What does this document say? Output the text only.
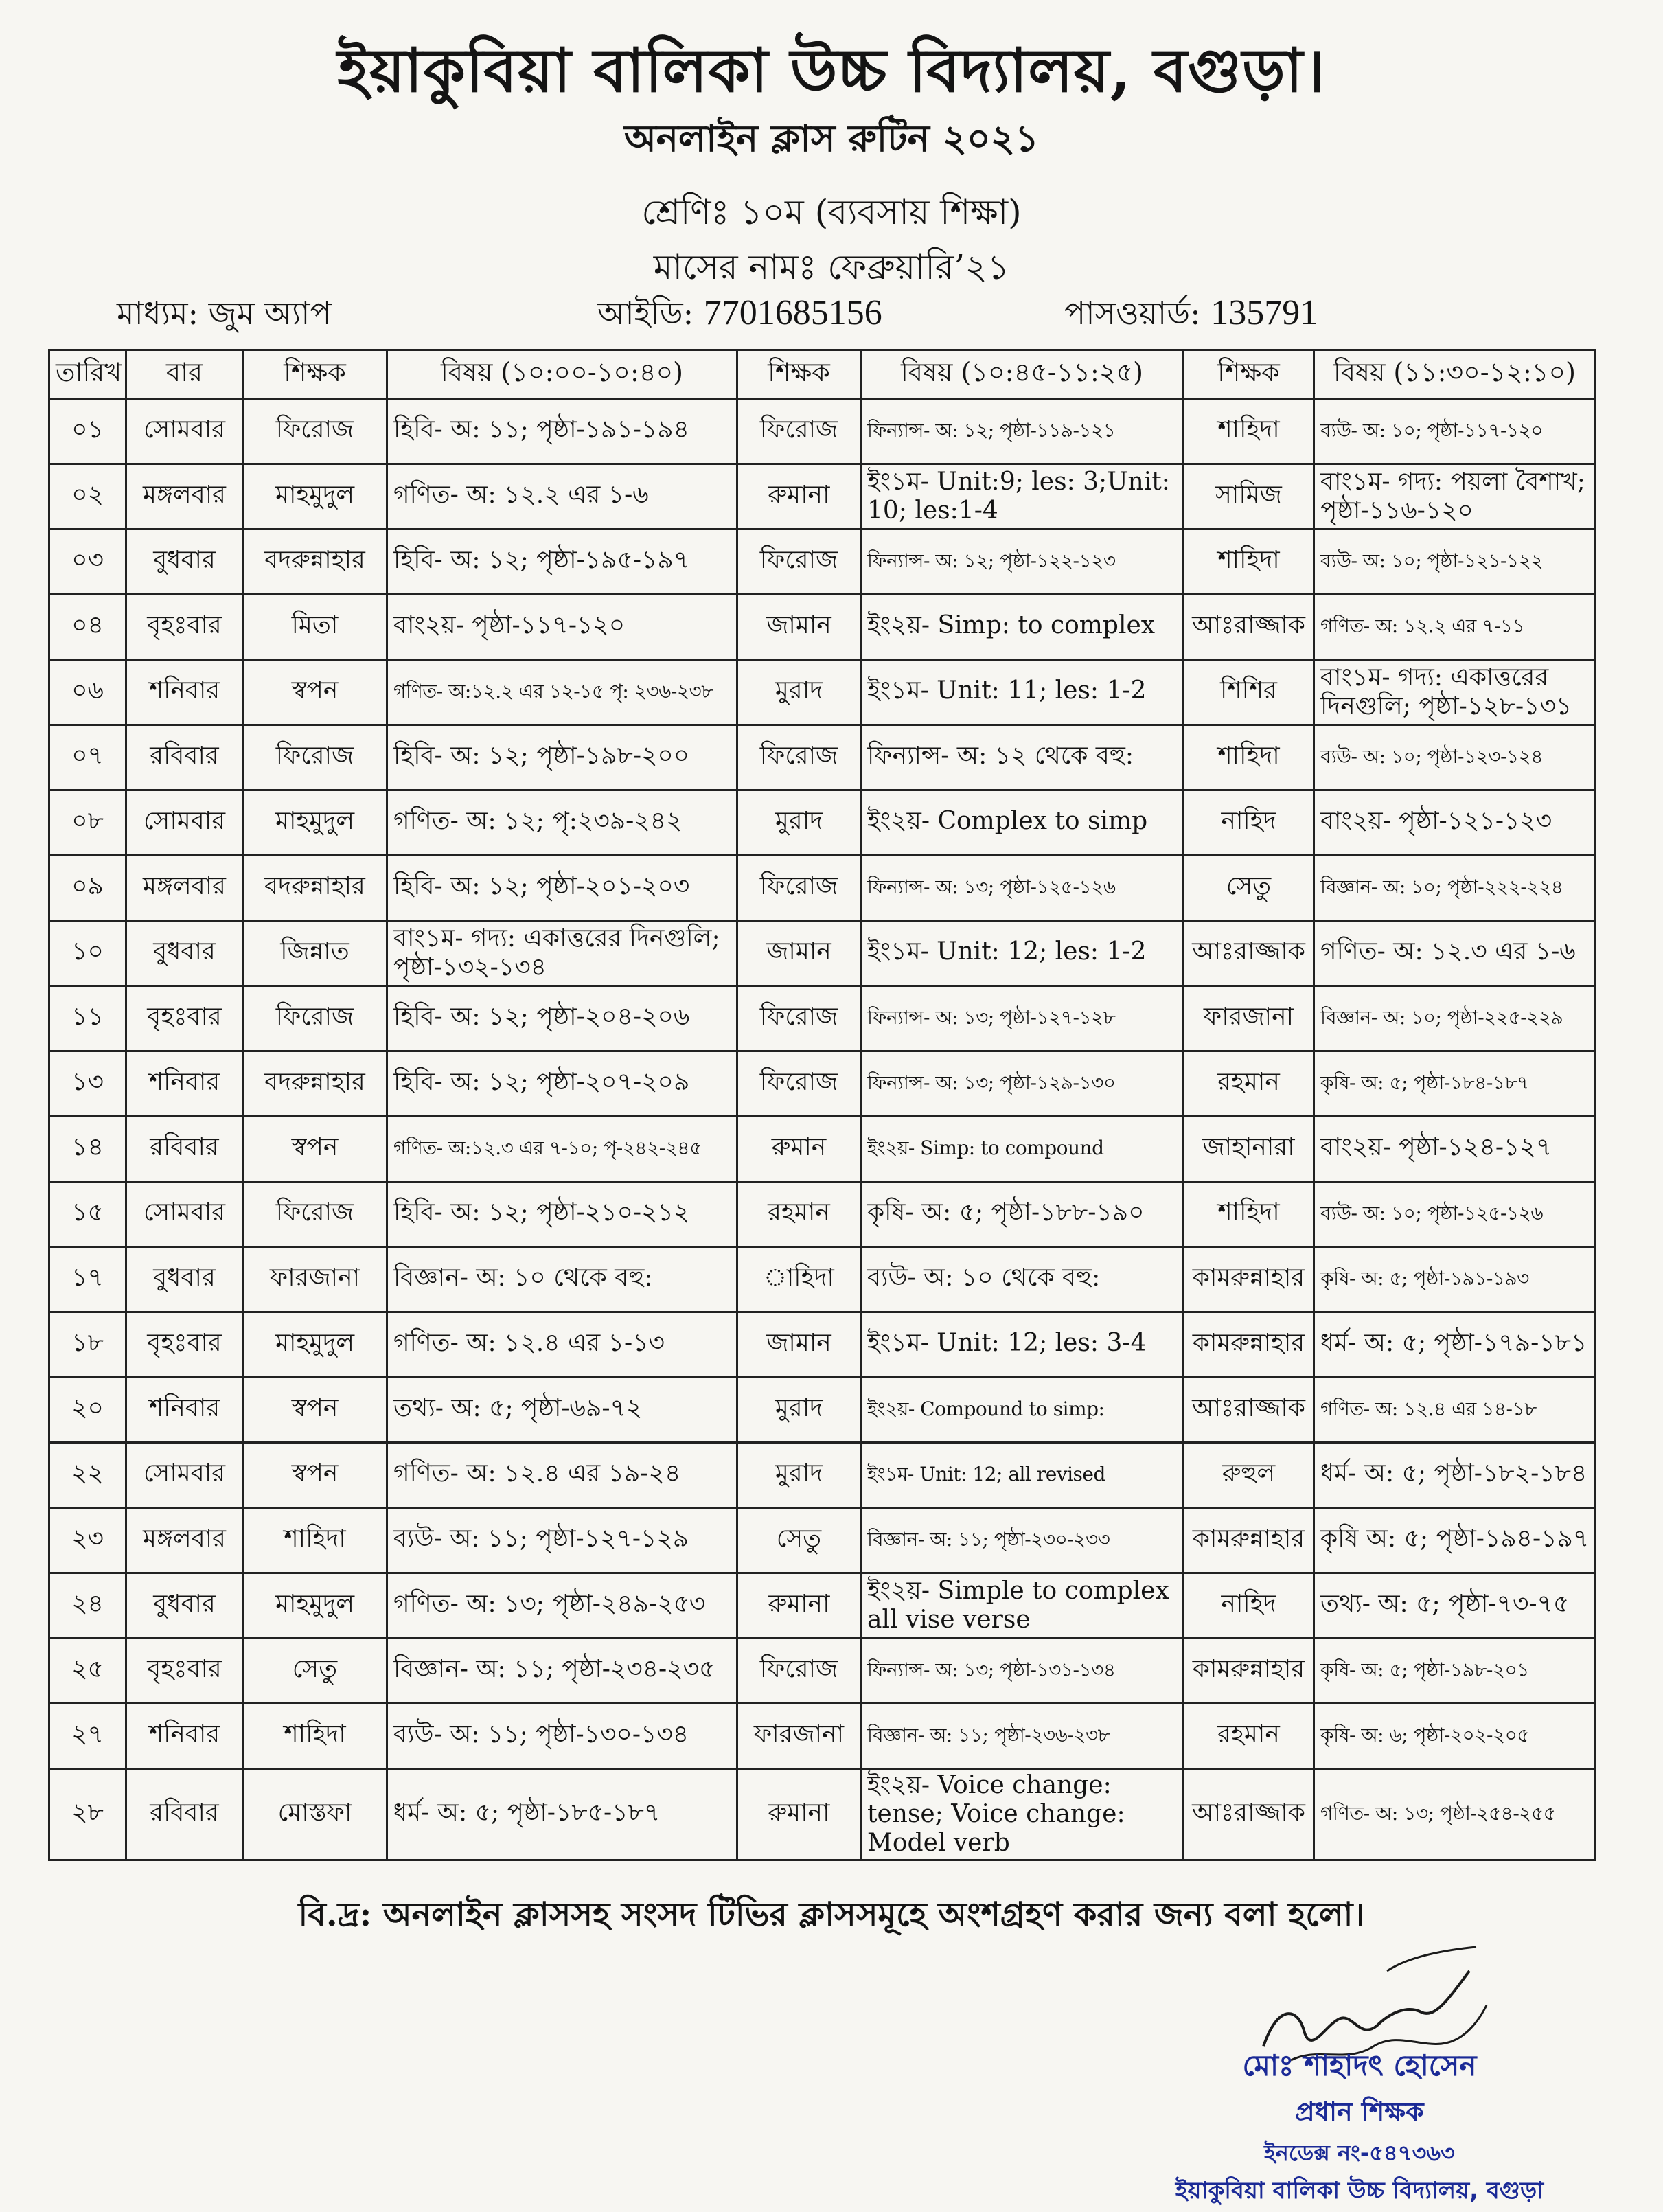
ইয়াকুবিয়া বালিকা উচ্চ বিদ্যালয়, বগুড়া।
অনলাইন ক্লাস রুটিন ২০২১
শ্রেণিঃ ১০ম (ব্যবসায় শিক্ষা)
মাসের নামঃ ফেব্রুয়ারি’২১
মাধ্যম: জুম অ্যাপ	আইডি: 7701685156	পাসওয়ার্ড: 135791
তারিখ	বার	শিক্ষক	বিষয় (১০:০০-১০:৪০)	শিক্ষক	বিষয় (১০:৪৫-১১:২৫)	শিক্ষক	বিষয় (১১:৩০-১২:১০)
০১	সোমবার	ফিরোজ	হিবি- অ: ১১; পৃষ্ঠা-১৯১-১৯৪	ফিরোজ	ফিন্যান্স- অ: ১২; পৃষ্ঠা-১১৯-১২১	শাহিদা	ব্যউ- অ: ১০; পৃষ্ঠা-১১৭-১২০
০২	মঙ্গলবার	মাহমুদুল	গণিত- অ: ১২.২ এর ১-৬	রুমানা	ইং১ম- Unit:9; les: 3;Unit: 10; les:1-4	সামিজ	বাং১ম- গদ্য: পয়লা বৈশাখ; পৃষ্ঠা-১১৬-১২০
০৩	বুধবার	বদরুন্নাহার	হিবি- অ: ১২; পৃষ্ঠা-১৯৫-১৯৭	ফিরোজ	ফিন্যান্স- অ: ১২; পৃষ্ঠা-১২২-১২৩	শাহিদা	ব্যউ- অ: ১০; পৃষ্ঠা-১২১-১২২
০৪	বৃহঃবার	মিতা	বাং২য়- পৃষ্ঠা-১১৭-১২০	জামান	ইং২য়- Simp: to complex	আঃরাজ্জাক	গণিত- অ: ১২.২ এর ৭-১১
০৬	শনিবার	স্বপন	গণিত- অ:১২.২ এর ১২-১৫ পৃ: ২৩৬-২৩৮	মুরাদ	ইং১ম- Unit: 11; les: 1-2	শিশির	বাং১ম- গদ্য: একাত্তরের দিনগুলি; পৃষ্ঠা-১২৮-১৩১
০৭	রবিবার	ফিরোজ	হিবি- অ: ১২; পৃষ্ঠা-১৯৮-২০০	ফিরোজ	ফিন্যান্স- অ: ১২ থেকে বহু:	শাহিদা	ব্যউ- অ: ১০; পৃষ্ঠা-১২৩-১২৪
০৮	সোমবার	মাহমুদুল	গণিত- অ: ১২; পৃ:২৩৯-২৪২	মুরাদ	ইং২য়- Complex to simp	নাহিদ	বাং২য়- পৃষ্ঠা-১২১-১২৩
০৯	মঙ্গলবার	বদরুন্নাহার	হিবি- অ: ১২; পৃষ্ঠা-২০১-২০৩	ফিরোজ	ফিন্যান্স- অ: ১৩; পৃষ্ঠা-১২৫-১২৬	সেতু	বিজ্ঞান- অ: ১০; পৃষ্ঠা-২২২-২২৪
১০	বুধবার	জিন্নাত	বাং১ম- গদ্য: একাত্তরের দিনগুলি; পৃষ্ঠা-১৩২-১৩৪	জামান	ইং১ম- Unit: 12; les: 1-2	আঃরাজ্জাক	গণিত- অ: ১২.৩ এর ১-৬
১১	বৃহঃবার	ফিরোজ	হিবি- অ: ১২; পৃষ্ঠা-২০৪-২০৬	ফিরোজ	ফিন্যান্স- অ: ১৩; পৃষ্ঠা-১২৭-১২৮	ফারজানা	বিজ্ঞান- অ: ১০; পৃষ্ঠা-২২৫-২২৯
১৩	শনিবার	বদরুন্নাহার	হিবি- অ: ১২; পৃষ্ঠা-২০৭-২০৯	ফিরোজ	ফিন্যান্স- অ: ১৩; পৃষ্ঠা-১২৯-১৩০	রহমান	কৃষি- অ: ৫; পৃষ্ঠা-১৮৪-১৮৭
১৪	রবিবার	স্বপন	গণিত- অ:১২.৩ এর ৭-১০; পৃ-২৪২-২৪৫	রুমান	ইং২য়- Simp: to compound	জাহানারা	বাং২য়- পৃষ্ঠা-১২৪-১২৭
১৫	সোমবার	ফিরোজ	হিবি- অ: ১২; পৃষ্ঠা-২১০-২১২	রহমান	কৃষি- অ: ৫; পৃষ্ঠা-১৮৮-১৯০	শাহিদা	ব্যউ- অ: ১০; পৃষ্ঠা-১২৫-১২৬
১৭	বুধবার	ফারজানা	বিজ্ঞান- অ: ১০ থেকে বহু:	াহিদা	ব্যউ- অ: ১০ থেকে বহু:	কামরুন্নাহার	কৃষি- অ: ৫; পৃষ্ঠা-১৯১-১৯৩
১৮	বৃহঃবার	মাহমুদুল	গণিত- অ: ১২.৪ এর ১-১৩	জামান	ইং১ম- Unit: 12; les: 3-4	কামরুন্নাহার	ধর্ম- অ: ৫; পৃষ্ঠা-১৭৯-১৮১
২০	শনিবার	স্বপন	তথ্য- অ: ৫; পৃষ্ঠা-৬৯-৭২	মুরাদ	ইং২য়- Compound to simp:	আঃরাজ্জাক	গণিত- অ: ১২.৪ এর ১৪-১৮
২২	সোমবার	স্বপন	গণিত- অ: ১২.৪ এর ১৯-২৪	মুরাদ	ইং১ম- Unit: 12; all revised	রুহুল	ধর্ম- অ: ৫; পৃষ্ঠা-১৮২-১৮৪
২৩	মঙ্গলবার	শাহিদা	ব্যউ- অ: ১১; পৃষ্ঠা-১২৭-১২৯	সেতু	বিজ্ঞান- অ: ১১; পৃষ্ঠা-২৩০-২৩৩	কামরুন্নাহার	কৃষি অ: ৫; পৃষ্ঠা-১৯৪-১৯৭
২৪	বুধবার	মাহমুদুল	গণিত- অ: ১৩; পৃষ্ঠা-২৪৯-২৫৩	রুমানা	ইং২য়- Simple to complex all vise verse	নাহিদ	তথ্য- অ: ৫; পৃষ্ঠা-৭৩-৭৫
২৫	বৃহঃবার	সেতু	বিজ্ঞান- অ: ১১; পৃষ্ঠা-২৩৪-২৩৫	ফিরোজ	ফিন্যান্স- অ: ১৩; পৃষ্ঠা-১৩১-১৩৪	কামরুন্নাহার	কৃষি- অ: ৫; পৃষ্ঠা-১৯৮-২০১
২৭	শনিবার	শাহিদা	ব্যউ- অ: ১১; পৃষ্ঠা-১৩০-১৩৪	ফারজানা	বিজ্ঞান- অ: ১১; পৃষ্ঠা-২৩৬-২৩৮	রহমান	কৃষি- অ: ৬; পৃষ্ঠা-২০২-২০৫
২৮	রবিবার	মোস্তফা	ধর্ম- অ: ৫; পৃষ্ঠা-১৮৫-১৮৭	রুমানা	ইং২য়- Voice change: tense; Voice change: Model verb	আঃরাজ্জাক	গণিত- অ: ১৩; পৃষ্ঠা-২৫৪-২৫৫
বি.দ্র: অনলাইন ক্লাসসহ সংসদ টিভির ক্লাসসমূহে অংশগ্রহণ করার জন্য বলা হলো।
মোঃ শাহাদৎ হোসেন
প্রধান শিক্ষক
ইনডেক্স নং-৫৪৭৩৬৩
ইয়াকুবিয়া বালিকা উচ্চ বিদ্যালয়, বগুড়া
